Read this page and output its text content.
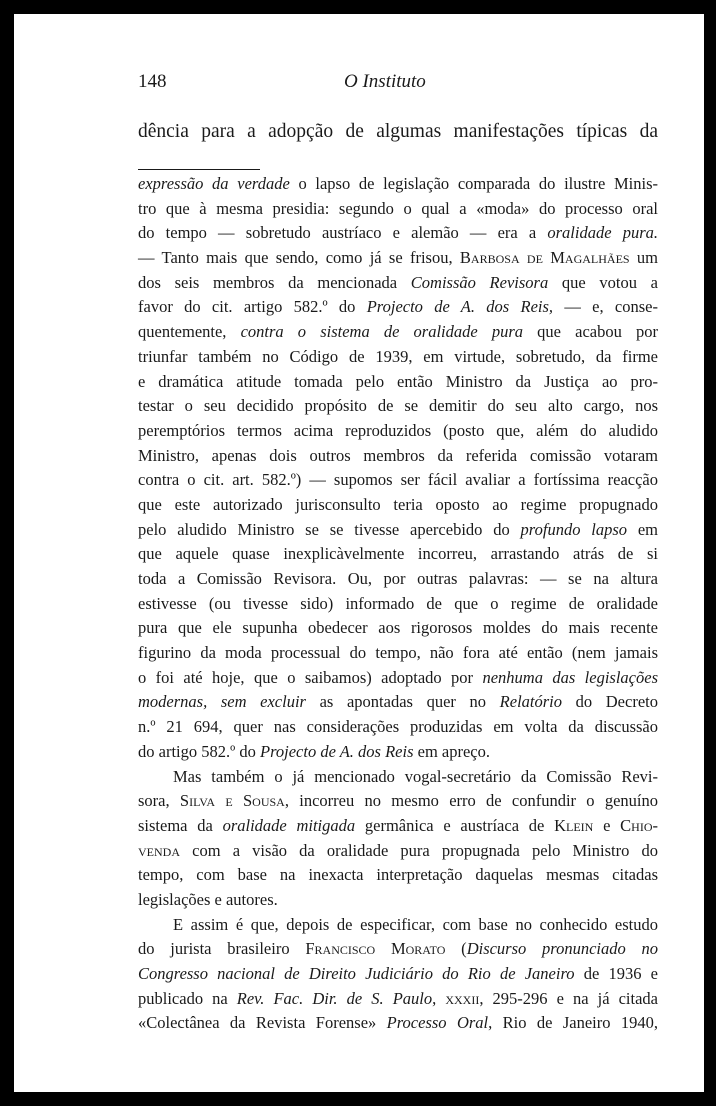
148	O Instituto
dência para a adopção de algumas manifestações típicas da
expressão da verdade o lapso de legislação comparada do ilustre Minis-
tro que à mesma presidia: segundo o qual a «moda» do processo oral
do tempo — sobretudo austríaco e alemão — era a oralidade pura.
— Tanto mais que sendo, como já se frisou, Barbosa de Magalhães um
dos seis membros da mencionada Comissão Revisora que votou a
favor do cit. artigo 582.º do Projecto de A. dos Reis, — e, conse-
quentemente, contra o sistema de oralidade pura que acabou por
triunfar também no Código de 1939, em virtude, sobretudo, da firme
e dramática atitude tomada pelo então Ministro da Justiça ao pro-
testar o seu decidido propósito de se demitir do seu alto cargo, nos
peremptórios termos acima reproduzidos (posto que, além do aludido
Ministro, apenas dois outros membros da referida comissão votaram
contra o cit. art. 582.º) — supomos ser fácil avaliar a fortíssima reacção
que este autorizado jurisconsulto teria oposto ao regime propugnado
pelo aludido Ministro se se tivesse apercebido do profundo lapso em
que aquele quase inexplicàvelmente incorreu, arrastando atrás de si
toda a Comissão Revisora. Ou, por outras palavras: — se na altura
estivesse (ou tivesse sido) informado de que o regime de oralidade
pura que ele supunha obedecer aos rigorosos moldes do mais recente
figurino da moda processual do tempo, não fora até então (nem jamais
o foi até hoje, que o saibamos) adoptado por nenhuma das legislações
modernas, sem excluir as apontadas quer no Relatório do Decreto
n.º 21 694, quer nas considerações produzidas em volta da discussão
do artigo 582.º do Projecto de A. dos Reis em apreço.
Mas também o já mencionado vogal-secretário da Comissão Revi-
sora, Silva e Sousa, incorreu no mesmo erro de confundir o genuíno
sistema da oralidade mitigada germânica e austríaca de Klein e Chio-
venda com a visão da oralidade pura propugnada pelo Ministro do
tempo, com base na inexacta interpretação daquelas mesmas citadas
legislações e autores.
E assim é que, depois de especificar, com base no conhecido estudo
do jurista brasileiro Francisco Morato (Discurso pronunciado no
Congresso nacional de Direito Judiciário do Rio de Janeiro de 1936 e
publicado na Rev. Fac. Dir. de S. Paulo, xxxii, 295-296 e na já citada
«Colectânea da Revista Forense» Processo Oral, Rio de Janeiro 1940,
